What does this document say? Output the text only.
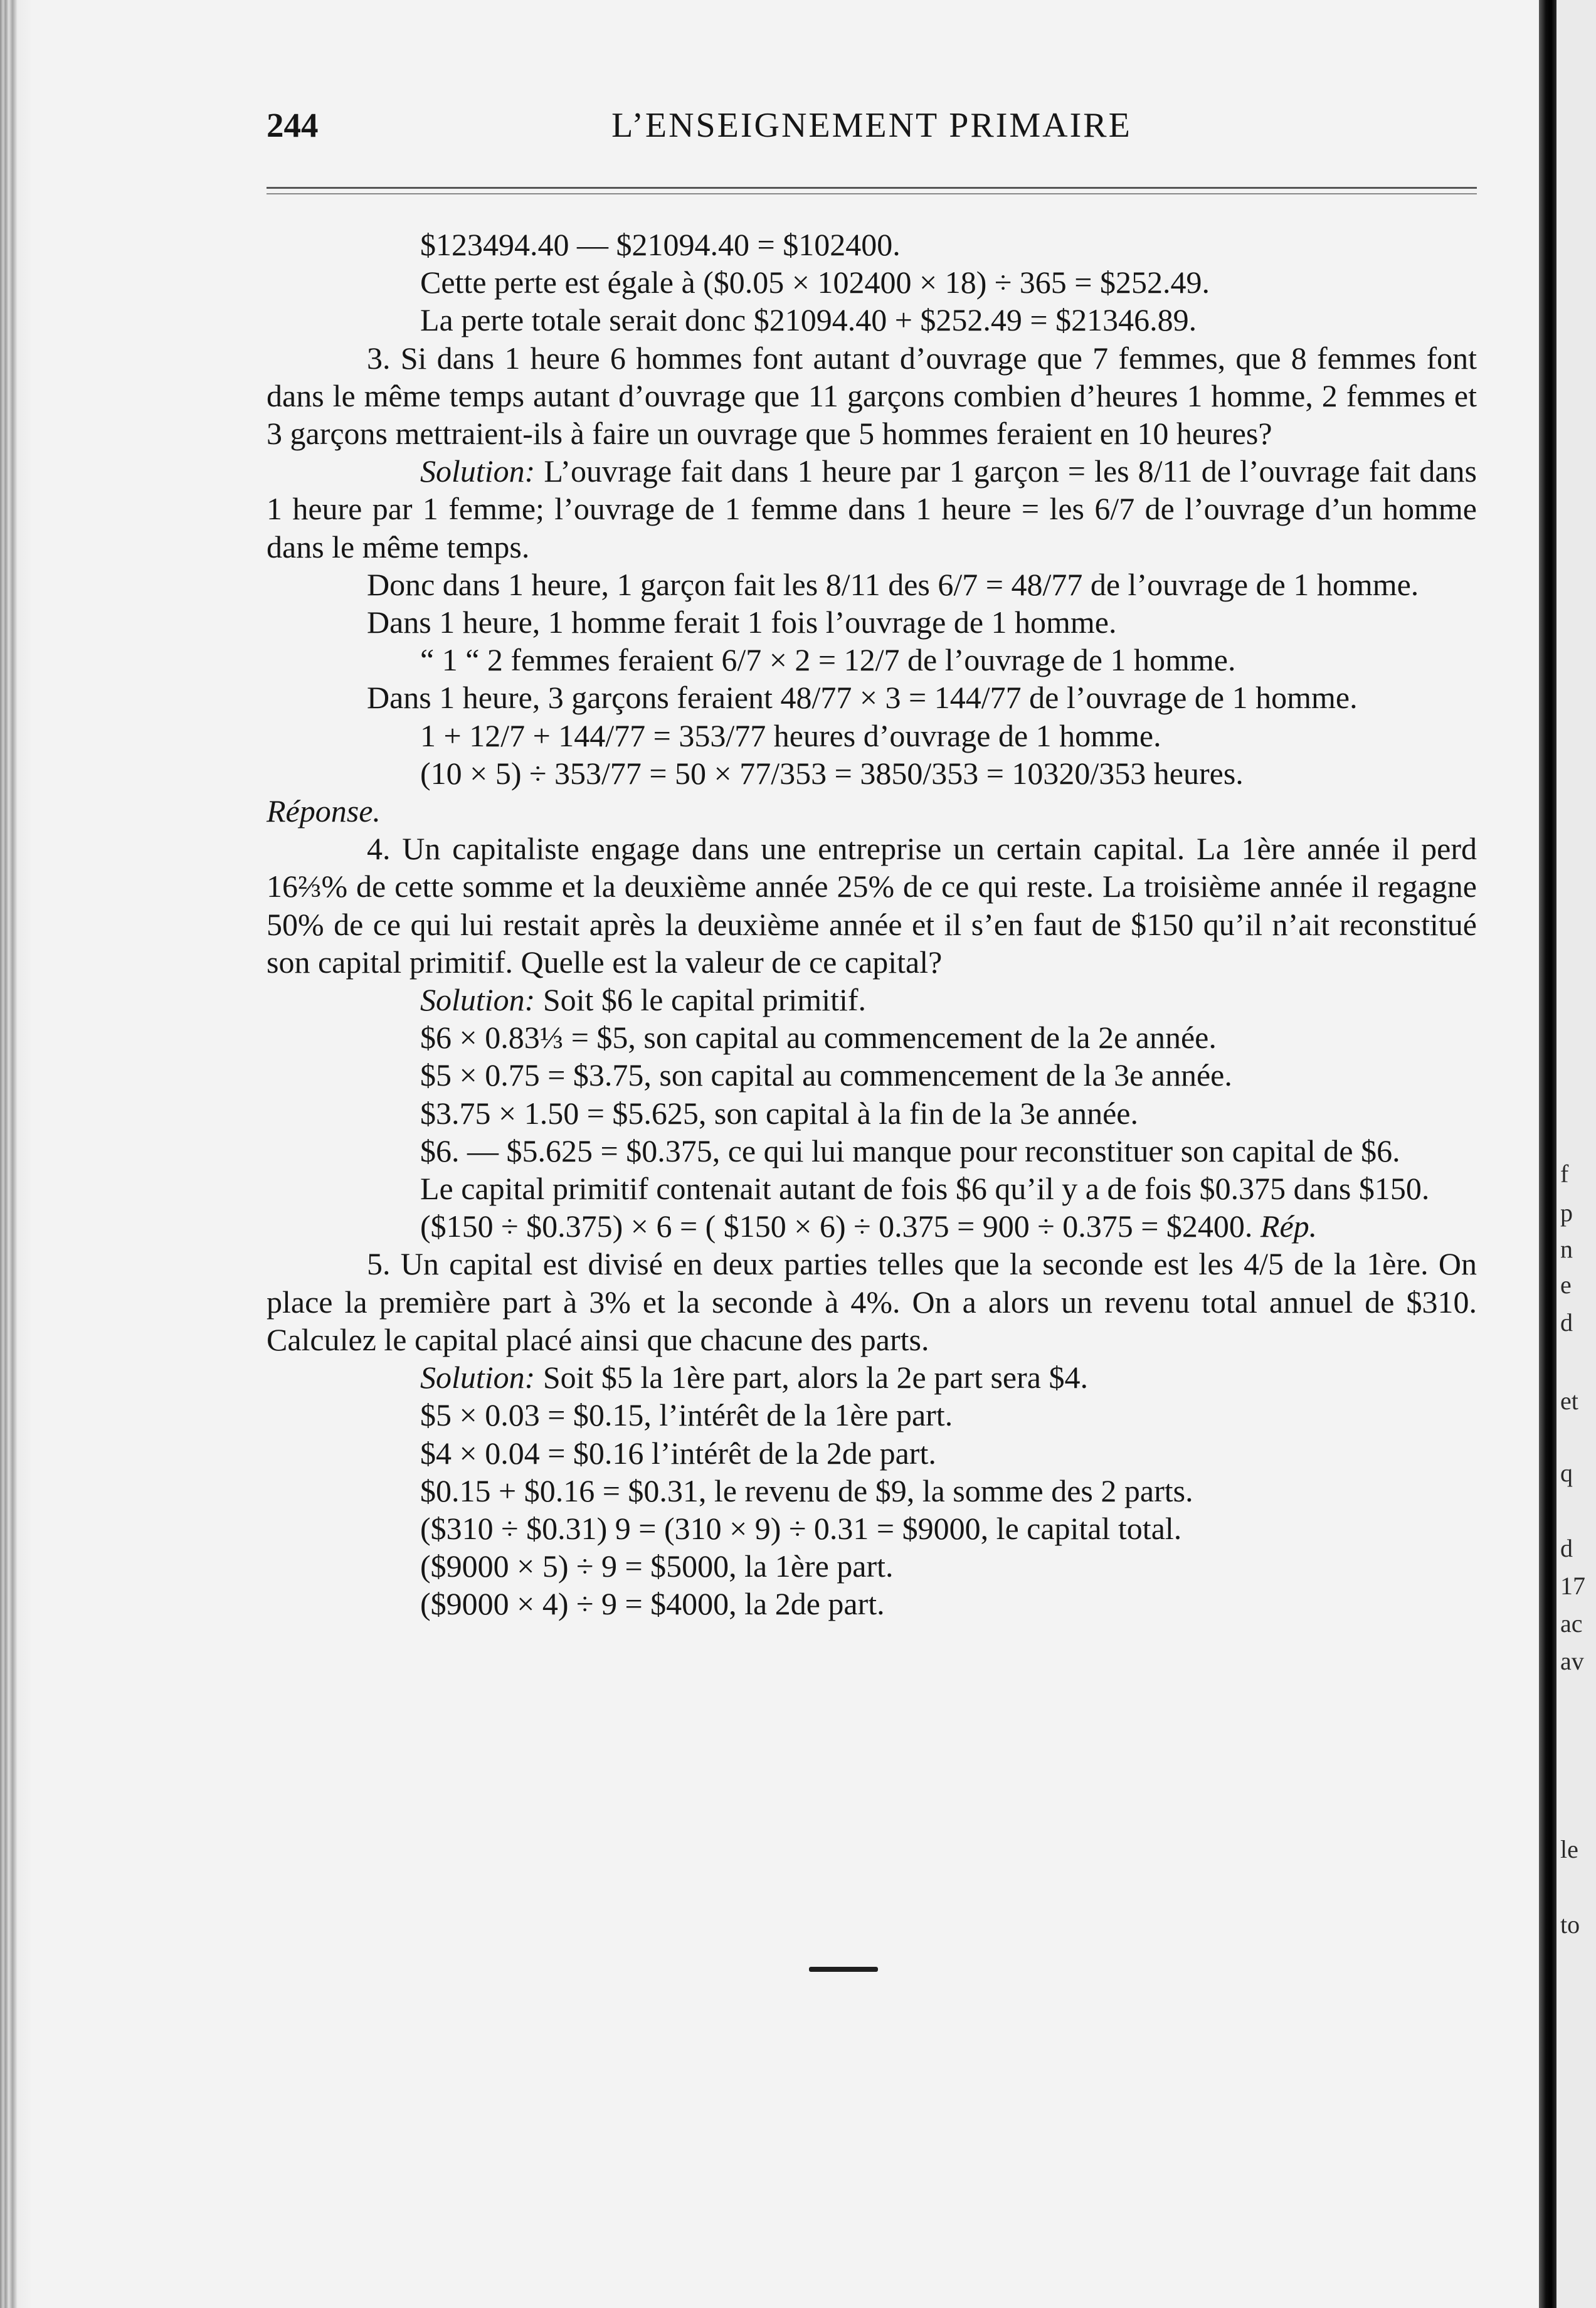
244	L’ENSEIGNEMENT PRIMAIRE

$123494.40 — $21094.40 = $102400.

Cette perte est égale à ($0.05 × 102400 × 18) ÷ 365 = $252.49.

La perte totale serait donc $21094.40 + $252.49 = $21346.89.

3. Si dans 1 heure 6 hommes font autant d’ouvrage que 7 femmes, que 8 femmes font dans le même temps autant d’ouvrage que 11 garçons combien d’heures 1 homme, 2 femmes et 3 garçons mettraient-ils à faire un ouvrage que 5 hommes feraient en 10 heures?

Solution: L’ouvrage fait dans 1 heure par 1 garçon = les 8/11 de l’ouvrage fait dans 1 heure par 1 femme; l’ouvrage de 1 femme dans 1 heure = les 6/7 de l’ouvrage d’un homme dans le même temps.

Donc dans 1 heure, 1 garçon fait les 8/11 des 6/7 = 48/77 de l’ouvrage de 1 homme.

Dans 1 heure, 1 homme ferait 1 fois l’ouvrage de 1 homme.

“ 1 “ 2 femmes feraient 6/7 × 2 = 12/7 de l’ouvrage de 1 homme.

Dans 1 heure, 3 garçons feraient 48/77 × 3 = 144/77 de l’ouvrage de 1 homme.

1 + 12/7 + 144/77 = 353/77 heures d’ouvrage de 1 homme.

(10 × 5) ÷ 353/77 = 50 × 77/353 = 3850/353 = 10320/353 heures.

Réponse.

4. Un capitaliste engage dans une entreprise un certain capital. La 1ère année il perd 16⅔% de cette somme et la deuxième année 25% de ce qui reste. La troisième année il regagne 50% de ce qui lui restait après la deuxième année et il s’en faut de $150 qu’il n’ait reconstitué son capital primitif. Quelle est la valeur de ce capital?

Solution: Soit $6 le capital primitif.

$6 × 0.83⅓ = $5, son capital au commencement de la 2e année.

$5 × 0.75 = $3.75, son capital au commencement de la 3e année.

$3.75 × 1.50 = $5.625, son capital à la fin de la 3e année.

$6. — $5.625 = $0.375, ce qui lui manque pour reconstituer son capital de $6.

Le capital primitif contenait autant de fois $6 qu’il y a de fois $0.375 dans $150.

($150 ÷ $0.375) × 6 = ( $150 × 6) ÷ 0.375 = 900 ÷ 0.375 = $2400. Rép.

5. Un capital est divisé en deux parties telles que la seconde est les 4/5 de la 1ère. On place la première part à 3% et la seconde à 4%. On a alors un revenu total annuel de $310. Calculez le capital placé ainsi que chacune des parts.

Solution: Soit $5 la 1ère part, alors la 2e part sera $4.

$5 × 0.03 = $0.15, l’intérêt de la 1ère part.

$4 × 0.04 = $0.16 l’intérêt de la 2de part.

$0.15 + $0.16 = $0.31, le revenu de $9, la somme des 2 parts.

($310 ÷ $0.31) 9 = (310 × 9) ÷ 0.31 = $9000, le capital total.

($9000 × 5) ÷ 9 = $5000, la 1ère part.

($9000 × 4) ÷ 9 = $4000, la 2de part.

f
p
n
e
d
et
q
d
17
ac
av
le
to
